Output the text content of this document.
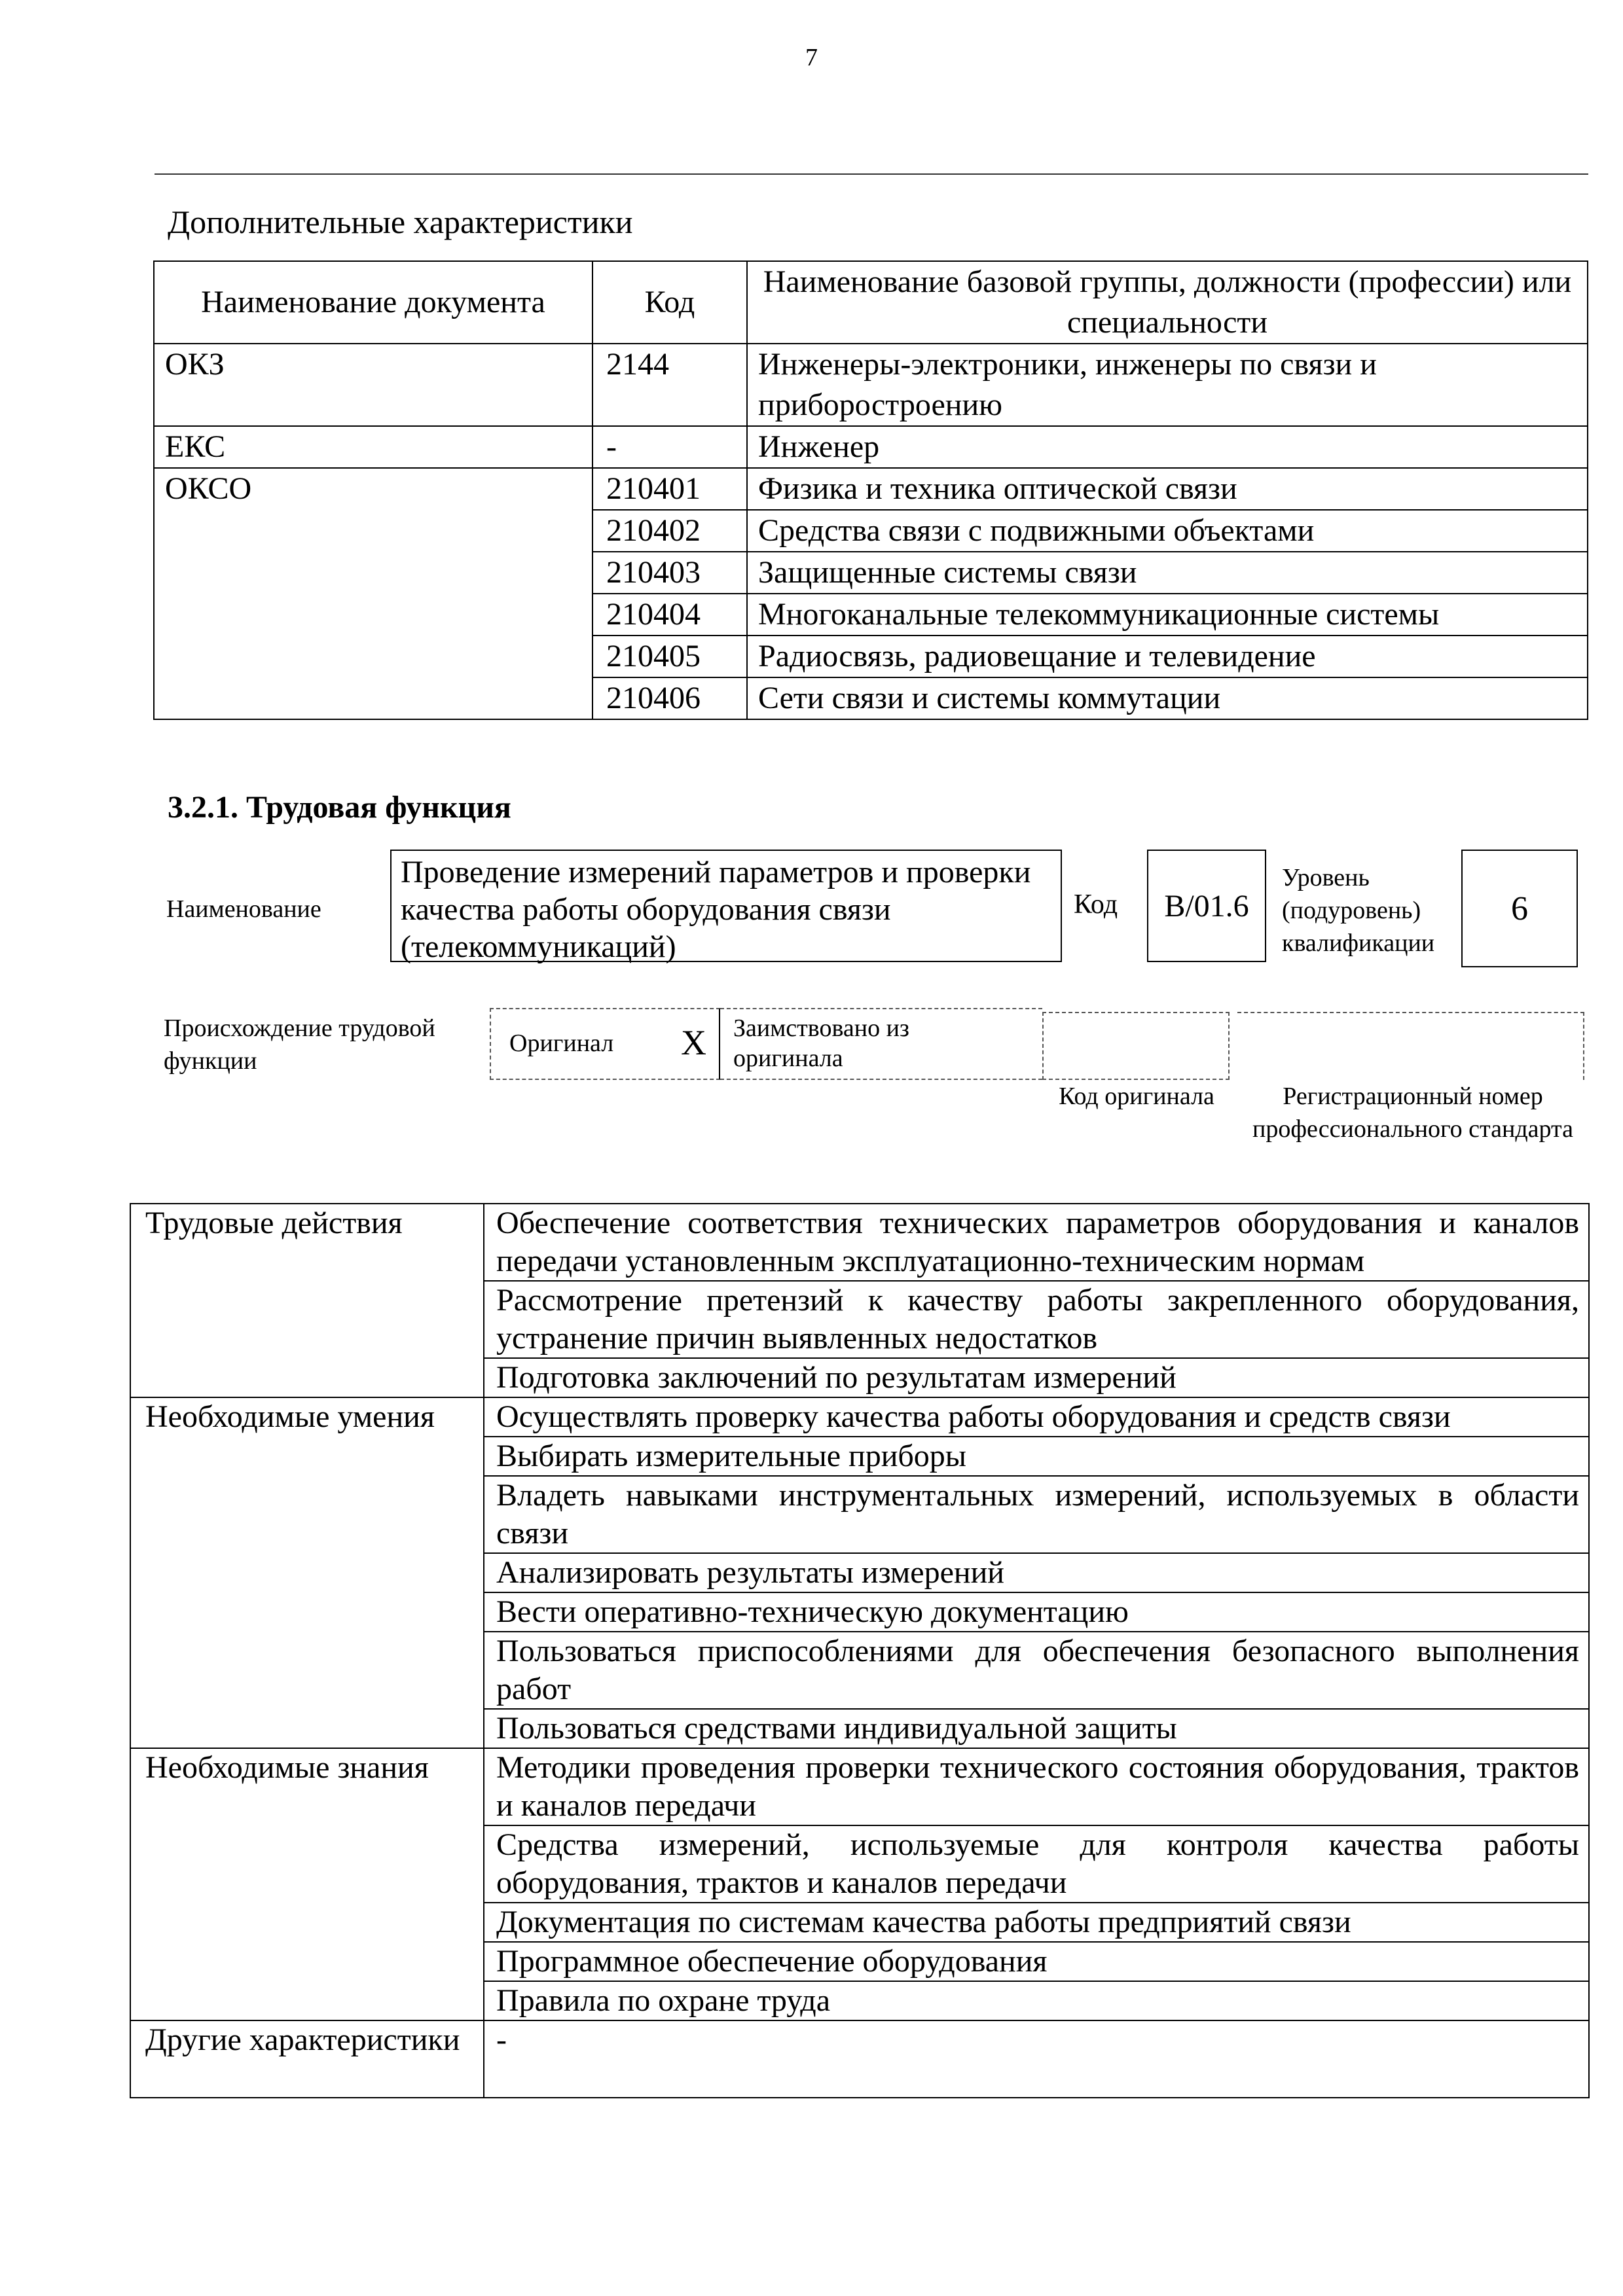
7
Дополнительные характеристики
Наименование документа	Код	Наименование базовой группы, должности (профессии) или специальности
ОКЗ	2144	Инженеры-электроники, инженеры по связи и приборостроению
ЕКС	-	Инженер
ОКСО	210401	Физика и техника оптической связи
	210402	Средства связи с подвижными объектами
	210403	Защищенные системы связи
	210404	Многоканальные телекоммуникационные системы
	210405	Радиосвязь, радиовещание и телевидение
	210406	Сети связи и системы коммутации
3.2.1. Трудовая функция
Наименование
Проведение измерений параметров и проверки качества работы оборудования связи (телекоммуникаций)
Код	B/01.6
Уровень (подуровень) квалификации
6
Происхождение трудовой функции
Оригинал X Заимствовано из оригинала
Код оригинала	Регистрационный номер профессионального стандарта
Трудовые действия	Обеспечение соответствия технических параметров оборудования и каналов передачи установленным эксплуатационно-техническим нормам
	Рассмотрение претензий к качеству работы закрепленного оборудования, устранение причин выявленных недостатков
	Подготовка заключений по результатам измерений
Необходимые умения	Осуществлять проверку качества работы оборудования и средств связи
	Выбирать измерительные приборы
	Владеть навыками инструментальных измерений, используемых в области связи
	Анализировать результаты измерений
	Вести оперативно-техническую документацию
	Пользоваться приспособлениями для обеспечения безопасного выполнения работ
	Пользоваться средствами индивидуальной защиты
Необходимые знания	Методики проведения проверки технического состояния оборудования, трактов и каналов передачи
	Средства измерений, используемые для контроля качества работы оборудования, трактов и каналов передачи
	Документация по системам качества работы предприятий связи
	Программное обеспечение оборудования
	Правила по охране труда
Другие характеристики	-
